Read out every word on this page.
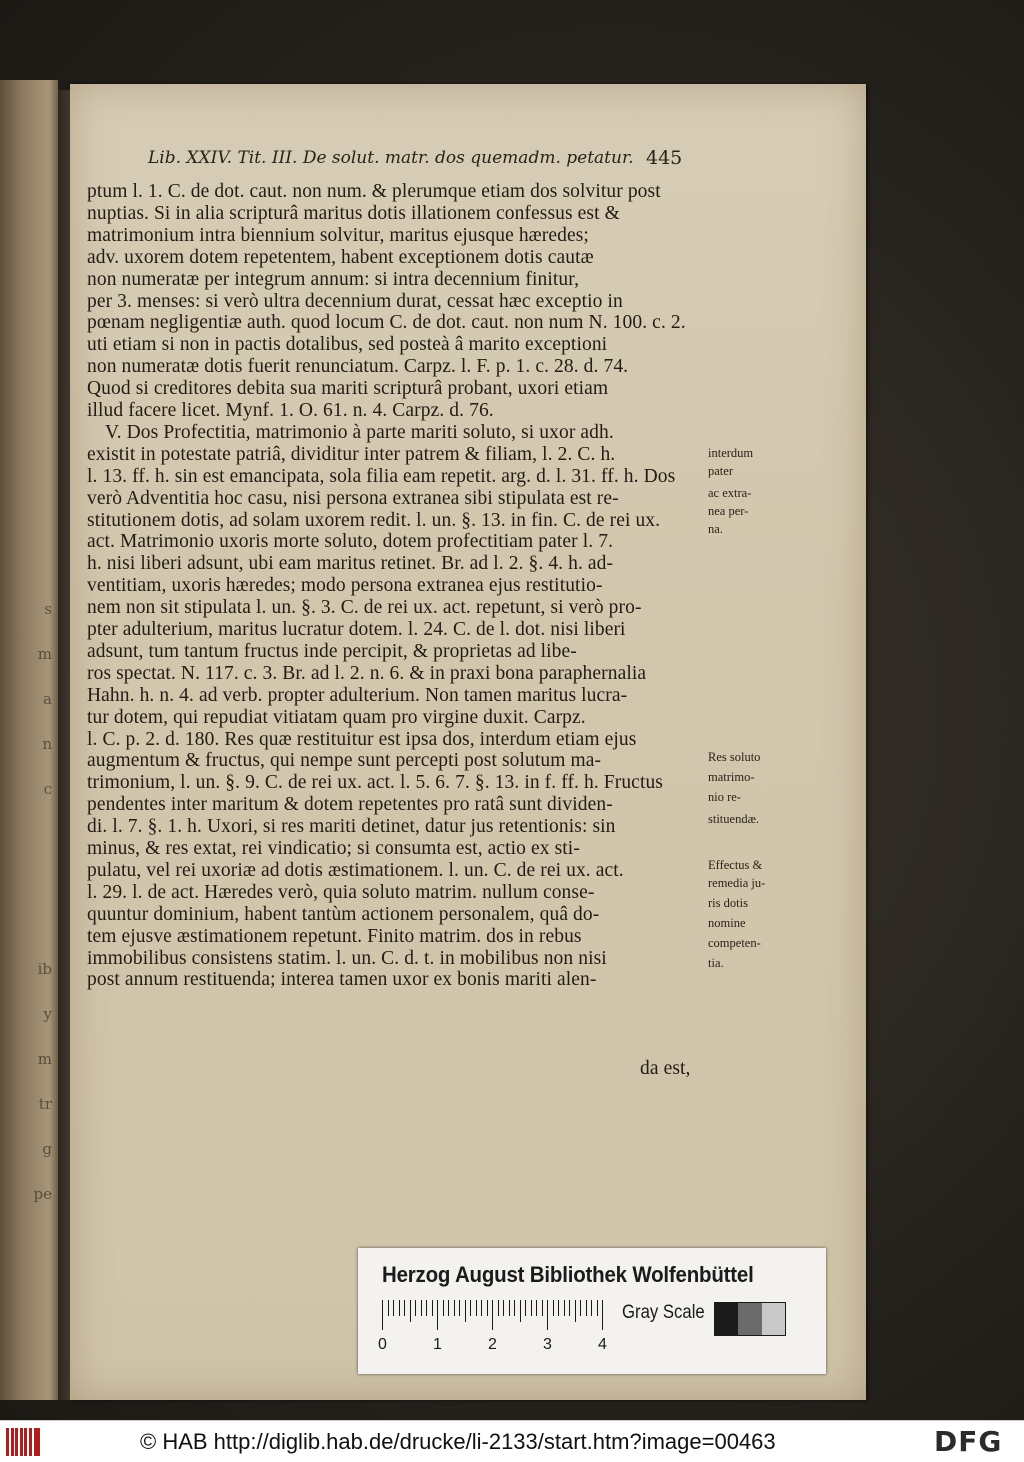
s
m
a
n
c
ib
y
m
tr
g
pe
Lib. XXIV. Tit. III. De solut. matr. dos quemadm. petatur. 445
ptum l. 1. C. de dot. caut. non num. & plerumque etiam dos solvitur post
nuptias. Si in alia scripturâ maritus dotis illationem confessus est &
matrimonium intra biennium solvitur, maritus ejusque hæredes;
adv. uxorem dotem repetentem, habent exceptionem dotis cautæ
non numeratæ per integrum annum: si intra decennium finitur,
per 3. menses: si verò ultra decennium durat, cessat hæc exceptio in
pœnam negligentiæ auth. quod locum C. de dot. caut. non num N. 100. c. 2.
uti etiam si non in pactis dotalibus, sed posteà â marito exceptioni
non numeratæ dotis fuerit renunciatum. Carpz. l. F. p. 1. c. 28. d. 74.
Quod si creditores debita sua mariti scripturâ probant, uxori etiam
illud facere licet. Mynf. 1. O. 61. n. 4. Carpz. d. 76.
V. Dos Profectitia, matrimonio à parte mariti soluto, si uxor adh.
existit in potestate patriâ, dividitur inter patrem & filiam, l. 2. C. h.
l. 13. ff. h. sin est emancipata, sola filia eam repetit. arg. d. l. 31. ff. h. Dos
verò Adventitia hoc casu, nisi persona extranea sibi stipulata est re-
stitutionem dotis, ad solam uxorem redit. l. un. §. 13. in fin. C. de rei ux.
act. Matrimonio uxoris morte soluto, dotem profectitiam pater l. 7.
h. nisi liberi adsunt, ubi eam maritus retinet. Br. ad l. 2. §. 4. h. ad-
ventitiam, uxoris hæredes; modo persona extranea ejus restitutio-
nem non sit stipulata l. un. §. 3. C. de rei ux. act. repetunt, si verò pro-
pter adulterium, maritus lucratur dotem. l. 24. C. de l. dot. nisi liberi
adsunt, tum tantum fructus inde percipit, & proprietas ad libe-
ros spectat. N. 117. c. 3. Br. ad l. 2. n. 6. & in praxi bona paraphernalia
Hahn. h. n. 4. ad verb. propter adulterium. Non tamen maritus lucra-
tur dotem, qui repudiat vitiatam quam pro virgine duxit. Carpz.
l. C. p. 2. d. 180. Res quæ restituitur est ipsa dos, interdum etiam ejus
augmentum & fructus, qui nempe sunt percepti post solutum ma-
trimonium, l. un. §. 9. C. de rei ux. act. l. 5. 6. 7. §. 13. in f. ff. h. Fructus
pendentes inter maritum & dotem repetentes pro ratâ sunt dividen-
di. l. 7. §. 1. h. Uxori, si res mariti detinet, datur jus retentionis: sin
minus, & res extat, rei vindicatio; si consumta est, actio ex sti-
pulatu, vel rei uxoriæ ad dotis æstimationem. l. un. C. de rei ux. act.
l. 29. l. de act. Hæredes verò, quia soluto matrim. nullum conse-
quuntur dominium, habent tantùm actionem personalem, quâ do-
tem ejusve æstimationem repetunt. Finito matrim. dos in rebus
immobilibus consistens statim. l. un. C. d. t. in mobilibus non nisi
post annum restituenda; interea tamen uxor ex bonis mariti alen-
interdum
pater
ac extra-
nea per-
na.
Res soluto
matrimo-
nio re-
stituendæ.
Effectus &
remedia ju-
ris dotis
nomine
competen-
tia.
da est,
Herzog August Bibliothek Wolfenbüttel
0	1	2	3	4
Gray Scale
© HAB http://diglib.hab.de/drucke/li-2133/start.htm?image=00463	DFG
